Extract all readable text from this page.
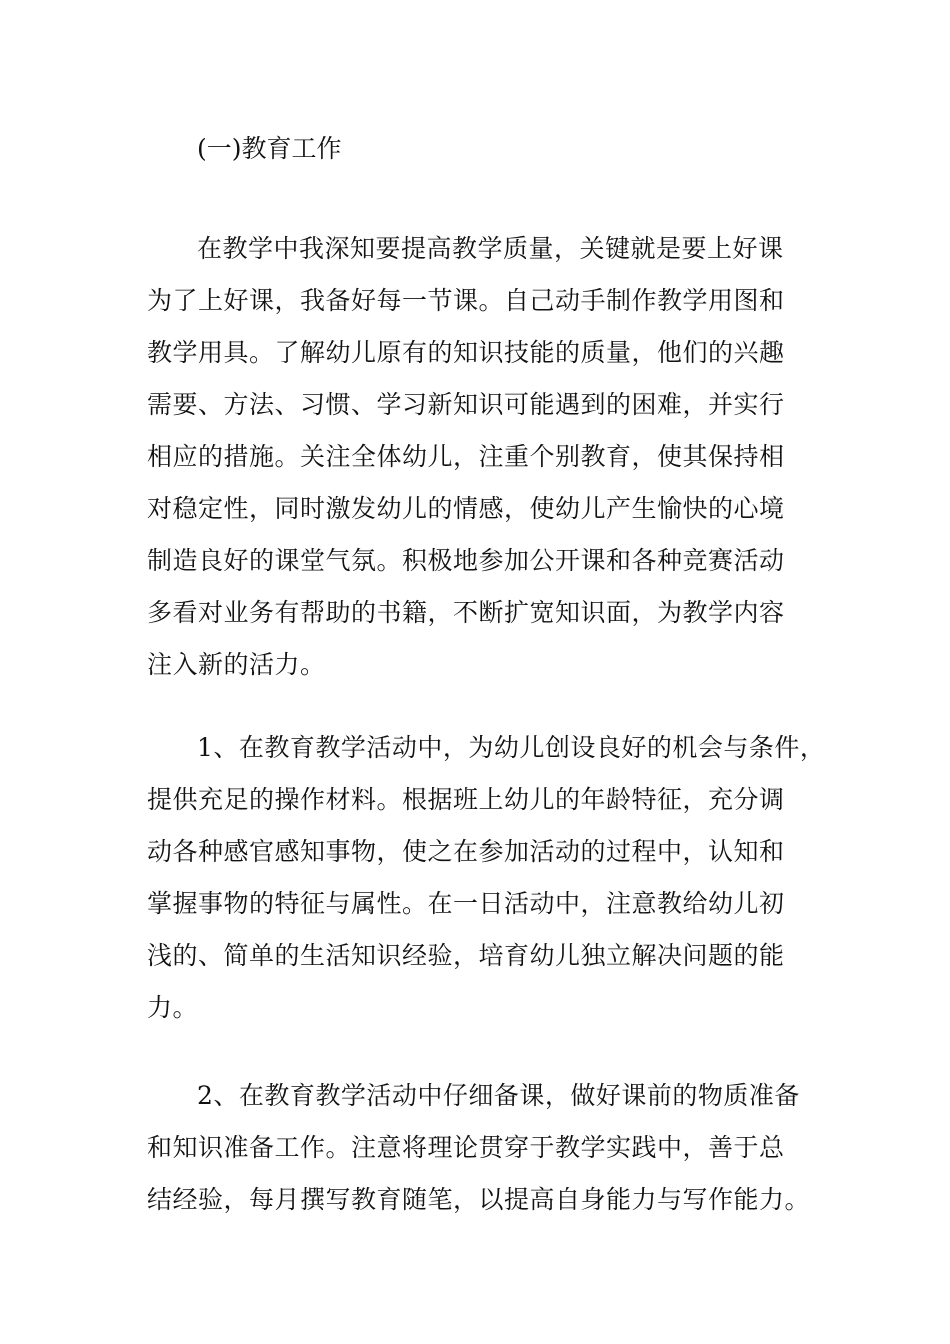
(一)教育工作
在教学中我深知要提高教学质量，关键就是要上好课
为了上好课，我备好每一节课。自己动手制作教学用图和
教学用具。了解幼儿原有的知识技能的质量，他们的兴趣
需要、方法、习惯、学习新知识可能遇到的困难，并实行
相应的措施。关注全体幼儿，注重个别教育，使其保持相
对稳定性，同时激发幼儿的情感，使幼儿产生愉快的心境
制造良好的课堂气氛。积极地参加公开课和各种竞赛活动
多看对业务有帮助的书籍，不断扩宽知识面，为教学内容
注入新的活力。
1、在教育教学活动中，为幼儿创设良好的机会与条件，
提供充足的操作材料。根据班上幼儿的年龄特征，充分调
动各种感官感知事物，使之在参加活动的过程中，认知和
掌握事物的特征与属性。在一日活动中，注意教给幼儿初
浅的、简单的生活知识经验，培育幼儿独立解决问题的能
力。
2、在教育教学活动中仔细备课，做好课前的物质准备
和知识准备工作。注意将理论贯穿于教学实践中，善于总
结经验，每月撰写教育随笔，以提高自身能力与写作能力。
